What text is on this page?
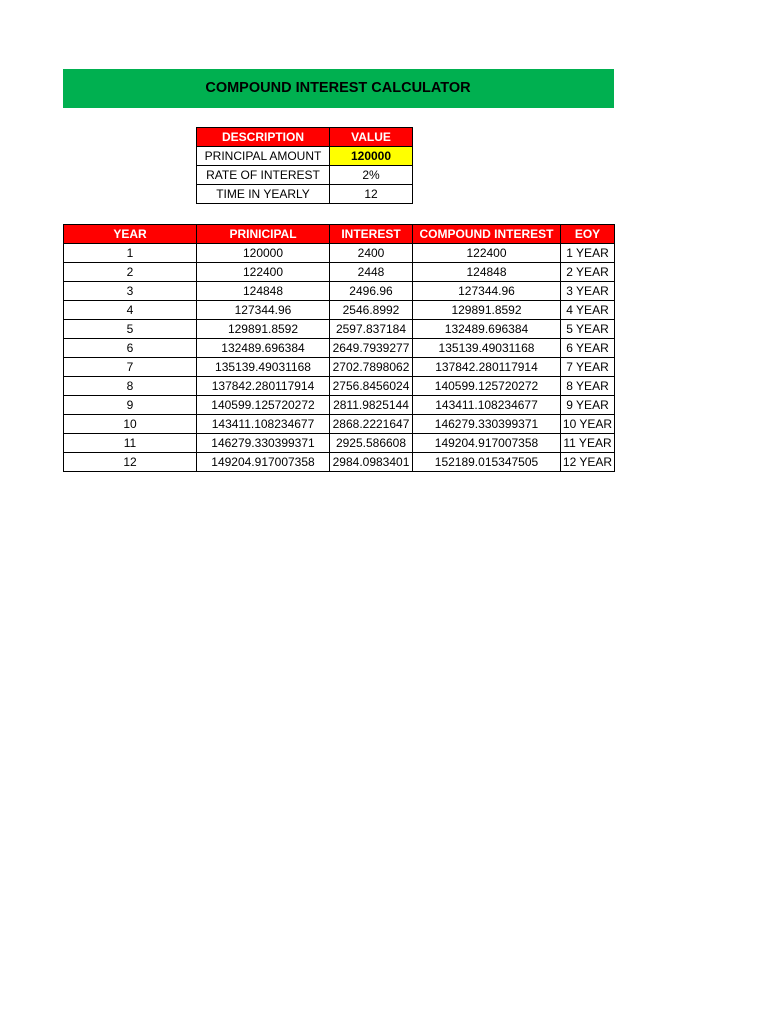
COMPOUND INTEREST CALCULATOR
DESCRIPTION	VALUE
PRINCIPAL AMOUNT	120000
RATE OF INTEREST	2%
TIME IN YEARLY	12
YEAR	PRINICIPAL	INTEREST	COMPOUND INTEREST	EOY
1	120000	2400	122400	1 YEAR
2	122400	2448	124848	2 YEAR
3	124848	2496.96	127344.96	3 YEAR
4	127344.96	2546.8992	129891.8592	4 YEAR
5	129891.8592	2597.837184	132489.696384	5 YEAR
6	132489.696384	2649.7939277	135139.49031168	6 YEAR
7	135139.49031168	2702.7898062	137842.280117914	7 YEAR
8	137842.280117914	2756.8456024	140599.125720272	8 YEAR
9	140599.125720272	2811.9825144	143411.108234677	9 YEAR
10	143411.108234677	2868.2221647	146279.330399371	10 YEAR
11	146279.330399371	2925.586608	149204.917007358	11 YEAR
12	149204.917007358	2984.0983401	152189.015347505	12 YEAR
